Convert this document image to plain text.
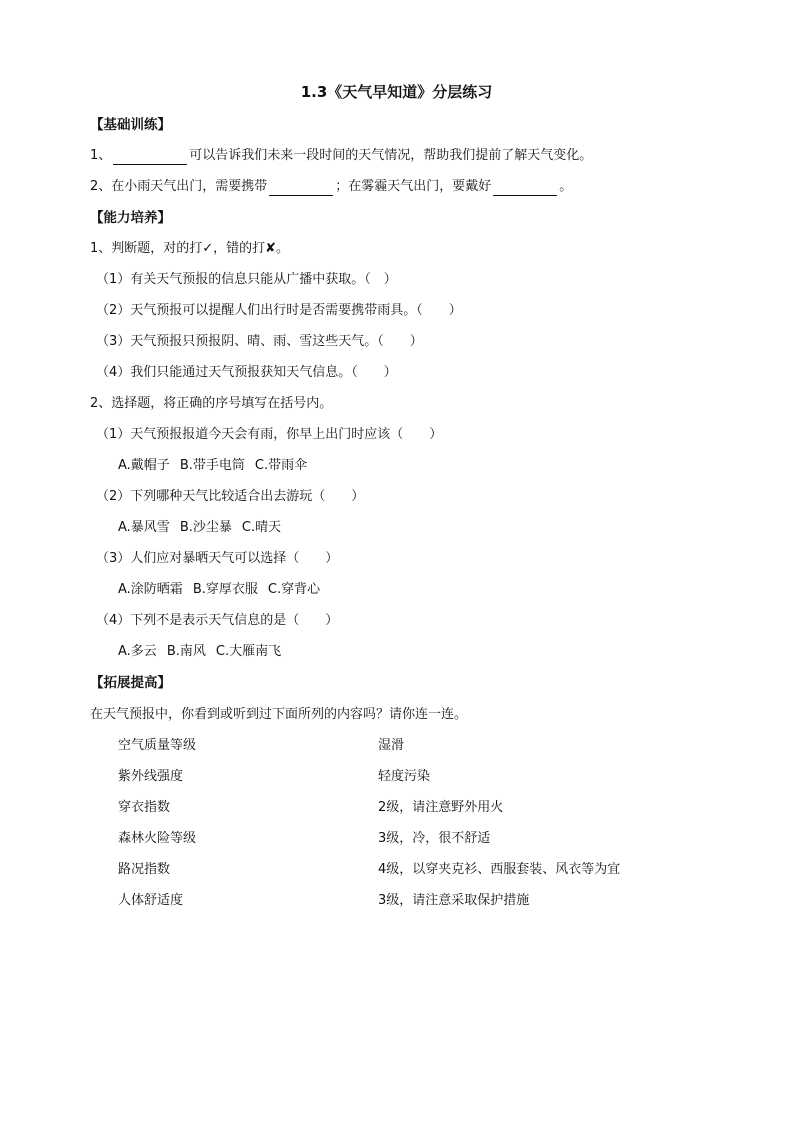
1.3《天气早知道》分层练习
【基础训练】
1、	可以告诉我们未来一段时间的天气情况，帮助我们提前了解天气变化。
2、在小雨天气出门，需要携带	；在雾霾天气出门，要戴好	。
【能力培养】
1、判断题，对的打✓，错的打✘。
（1）有关天气预报的信息只能从广播中获取。（　）
（2）天气预报可以提醒人们出行时是否需要携带雨具。（　　）
（3）天气预报只预报阴、晴、雨、雪这些天气。（　　）
（4）我们只能通过天气预报获知天气信息。（　　）
2、选择题，将正确的序号填写在括号内。
（1）天气预报报道今天会有雨，你早上出门时应该（　　）
A.戴帽子 B.带手电筒 C.带雨伞
（2）下列哪种天气比较适合出去游玩（　　）
A.暴风雪 B.沙尘暴 C.晴天
（3）人们应对暴晒天气可以选择（　　）
A.涂防晒霜 B.穿厚衣服 C.穿背心
（4）下列不是表示天气信息的是（　　）
A.多云 B.南风 C.大雁南飞
【拓展提高】
在天气预报中，你看到或听到过下面所列的内容吗？请你连一连。
空气质量等级	湿滑
紫外线强度	轻度污染
穿衣指数	2级，请注意野外用火
森林火险等级	3级，冷，很不舒适
路况指数	4级，以穿夹克衫、西服套装、风衣等为宜
人体舒适度	3级，请注意采取保护措施
